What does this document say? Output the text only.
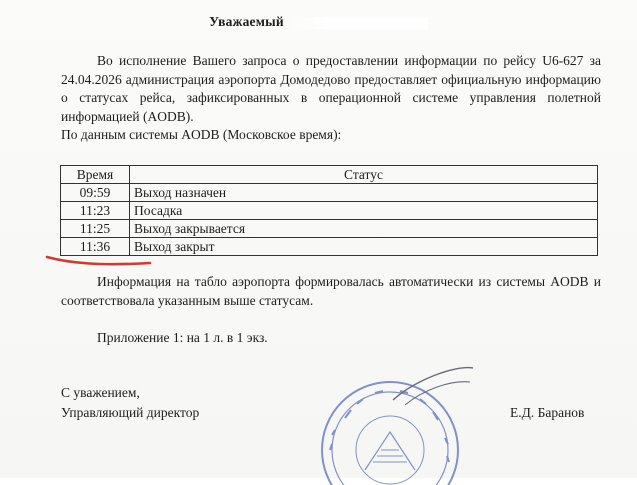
Уважаемый
Во исполнение Вашего запроса о предоставлении информации по рейсу U6-627 за 24.04.2026 администрация аэропорта Домодедово предоставляет официальную информацию о статусах рейса, зафиксированных в операционной системе управления полетной информацией (AODB).
По данным системы AODB (Московское время):
Время	Статус
09:59	Выход назначен
11:23	Посадка
11:25	Выход закрывается
11:36	Выход закрыт
Информация на табло аэропорта формировалась автоматически из системы AODB и соответствовала указанным выше статусам.
Приложение 1: на 1 л. в 1 экз.
С уважением,
Управляющий директор	Е.Д. Баранов
